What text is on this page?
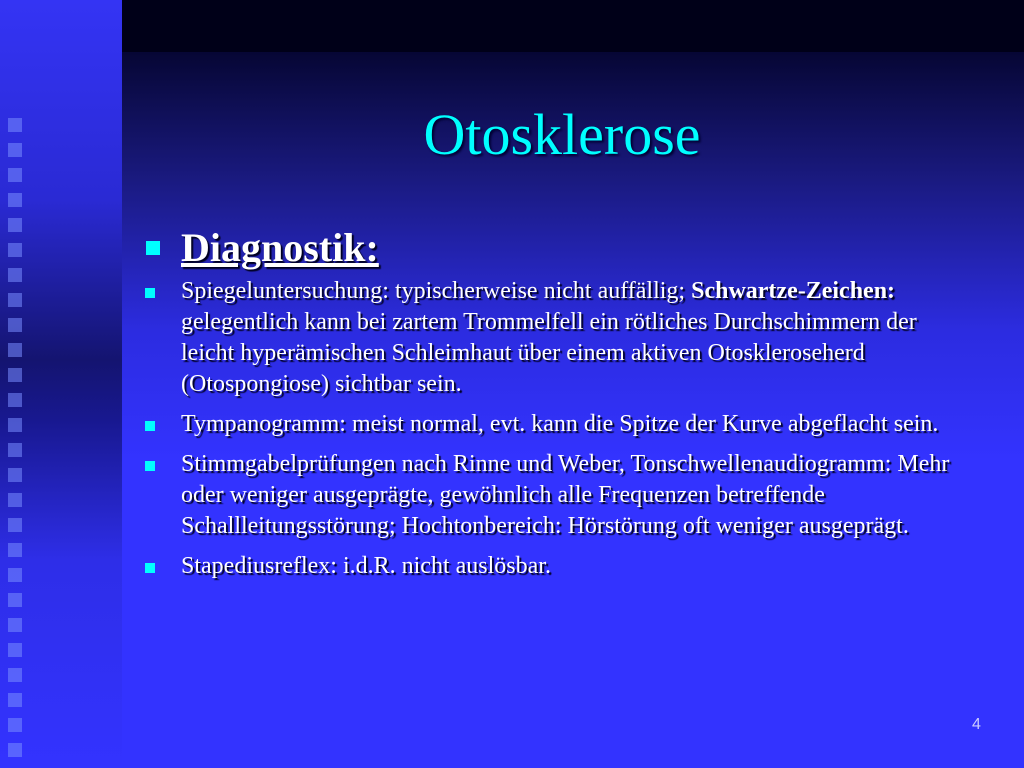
Otosklerose
Diagnostik:
Spiegeluntersuchung: typischerweise nicht auffällig; Schwartze-Zeichen: gelegentlich kann bei zartem Trommelfell ein rötliches Durchschimmern der leicht hyperämischen Schleimhaut über einem aktiven Otoskleroseherd (Otospongiose) sichtbar sein.
Tympanogramm: meist normal, evt. kann die Spitze der Kurve abgeflacht sein.
Stimmgabelprüfungen nach Rinne und Weber, Tonschwellenaudiogramm: Mehr oder weniger ausgeprägte, gewöhnlich alle Frequenzen betreffende Schallleitungsstörung; Hochtonbereich: Hörstörung oft weniger ausgeprägt.
Stapediusreflex: i.d.R. nicht auslösbar.
4
